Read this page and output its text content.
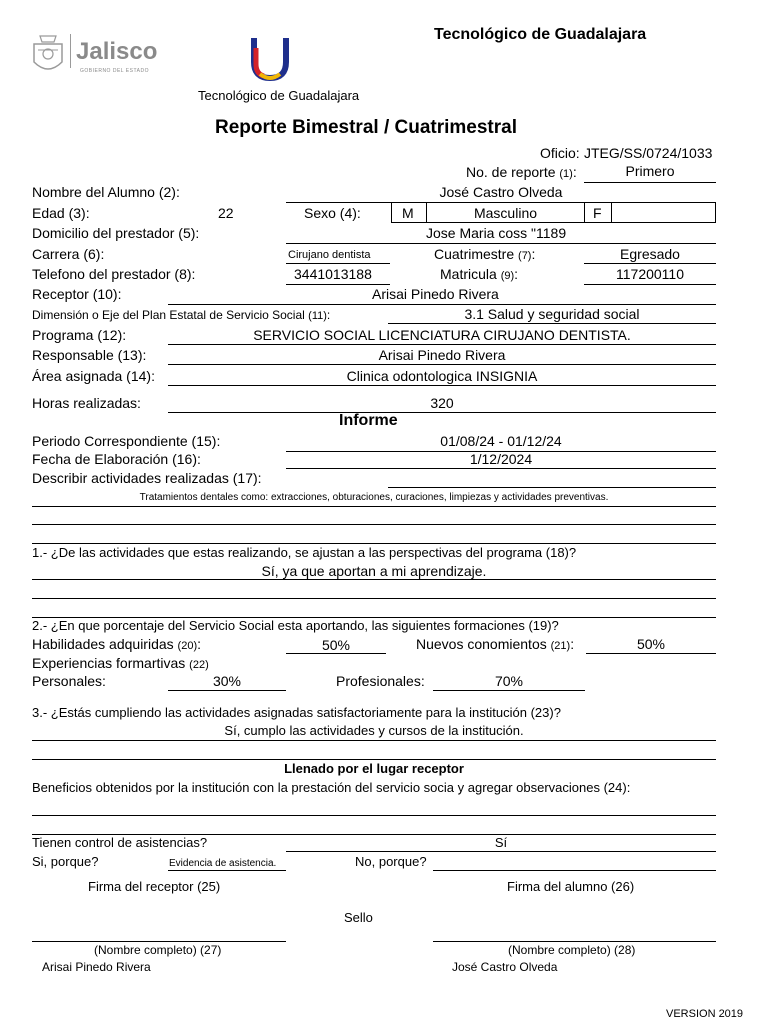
Jalisco
GOBIERNO DEL ESTADO
Tecnológico de Guadalajara
Tecnológico de Guadalajara
Reporte Bimestral / Cuatrimestral
Oficio: JTEG/SS/0724/1033
No. de reporte (1):	Primero
Nombre del Alumno (2):	José Castro Olveda
Edad (3):	22	Sexo (4):	M	Masculino	F
Domicilio del prestador (5):	Jose Maria coss "1189
Carrera (6):	Cirujano dentista	Cuatrimestre (7):	Egresado
Telefono del prestador (8):	3441013188	Matricula (9):	117200110
Receptor (10):	Arisai Pinedo Rivera
Dimensión o Eje del Plan Estatal de Servicio Social (11):	3.1 Salud y seguridad social
Programa (12):	SERVICIO SOCIAL LICENCIATURA CIRUJANO DENTISTA.
Responsable (13):	Arisai Pinedo Rivera
Área asignada (14):	Clinica odontologica INSIGNIA
Horas realizadas:	320
Informe
Periodo Correspondiente (15):	01/08/24 - 01/12/24
Fecha de Elaboración (16):	1/12/2024
Describir actividades realizadas (17):
Tratamientos dentales como: extracciones, obturaciones, curaciones, limpiezas y actividades preventivas.
1.- ¿De las actividades que estas realizando, se ajustan a las perspectivas del programa (18)?
Sí, ya que aportan a mi aprendizaje.
2.- ¿En que porcentaje del Servicio Social esta aportando, las siguientes formaciones (19)?
Habilidades adquiridas (20):	50%	Nuevos conomientos (21):	50%
Experiencias formartivas (22)
Personales:	30%	Profesionales:	70%
3.- ¿Estás cumpliendo las actividades asignadas satisfactoriamente para la institución (23)?
Sí, cumplo las actividades y cursos de la institución.
Llenado por el lugar receptor
Beneficios obtenidos por la institución con la prestación del servicio socia y agregar observaciones (24):
Tienen control de asistencias?	Sí
Si, porque?	Evidencia de asistencia.	No, porque?
Firma del receptor (25)	Firma del alumno (26)
Sello
(Nombre completo) (27)	(Nombre completo) (28)
Arisai Pinedo Rivera	José Castro Olveda
VERSION 2019
